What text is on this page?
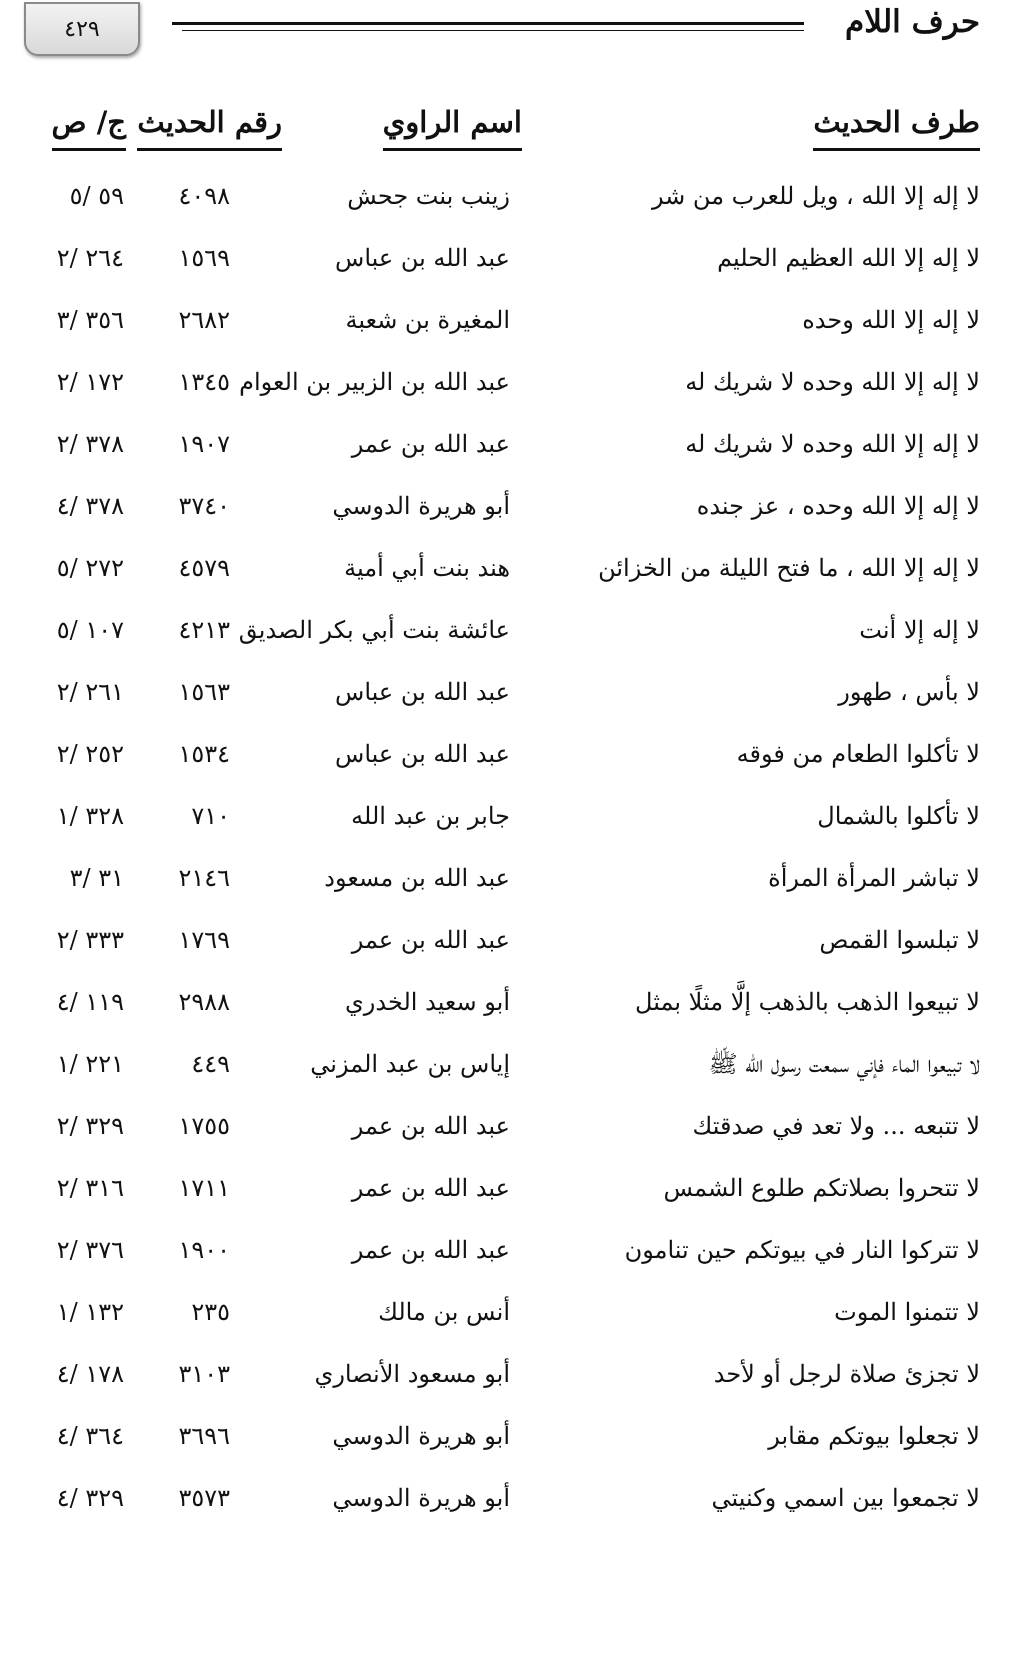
٤٢٩	حرف اللام
طرف الحديث
اسم الراوي
رقم الحديث
ج/ ص
لا إله إلا الله ، ويل للعرب من شر
زينب بنت جحش
٤٠٩٨
٥٩ /٥
لا إله إلا الله العظيم الحليم
عبد الله بن عباس
١٥٦٩
٢٦٤ /٢
لا إله إلا الله وحده
المغيرة بن شعبة
٢٦٨٢
٣٥٦ /٣
لا إله إلا الله وحده لا شريك له
عبد الله بن الزبير بن العوام
١٣٤٥
١٧٢ /٢
لا إله إلا الله وحده لا شريك له
عبد الله بن عمر
١٩٠٧
٣٧٨ /٢
لا إله إلا الله وحده ، عز جنده
أبو هريرة الدوسي
٣٧٤٠
٣٧٨ /٤
لا إله إلا الله ، ما فتح الليلة من الخزائن
هند بنت أبي أمية
٤٥٧٩
٢٧٢ /٥
لا إله إلا أنت
عائشة بنت أبي بكر الصديق
٤٢١٣
١٠٧ /٥
لا بأس ، طهور
عبد الله بن عباس
١٥٦٣
٢٦١ /٢
لا تأكلوا الطعام من فوقه
عبد الله بن عباس
١٥٣٤
٢٥٢ /٢
لا تأكلوا بالشمال
جابر بن عبد الله
٧١٠
٣٢٨ /١
لا تباشر المرأة المرأة
عبد الله بن مسعود
٢١٤٦
٣١ /٣
لا تبلسوا القمص
عبد الله بن عمر
١٧٦٩
٣٣٣ /٢
لا تبيعوا الذهب بالذهب إلَّا مثلًا بمثل
أبو سعيد الخدري
٢٩٨٨
١١٩ /٤
لا تبيعوا الماء فإني سمعت رسول الله ﷺ
إياس بن عبد المزني
٤٤٩
٢٢١ /١
لا تتبعه ... ولا تعد في صدقتك
عبد الله بن عمر
١٧٥٥
٣٢٩ /٢
لا تتحروا بصلاتكم طلوع الشمس
عبد الله بن عمر
١٧١١
٣١٦ /٢
لا تتركوا النار في بيوتكم حين تنامون
عبد الله بن عمر
١٩٠٠
٣٧٦ /٢
لا تتمنوا الموت
أنس بن مالك
٢٣٥
١٣٢ /١
لا تجزئ صلاة لرجل أو لأحد
أبو مسعود الأنصاري
٣١٠٣
١٧٨ /٤
لا تجعلوا بيوتكم مقابر
أبو هريرة الدوسي
٣٦٩٦
٣٦٤ /٤
لا تجمعوا بين اسمي وكنيتي
أبو هريرة الدوسي
٣٥٧٣
٣٢٩ /٤
